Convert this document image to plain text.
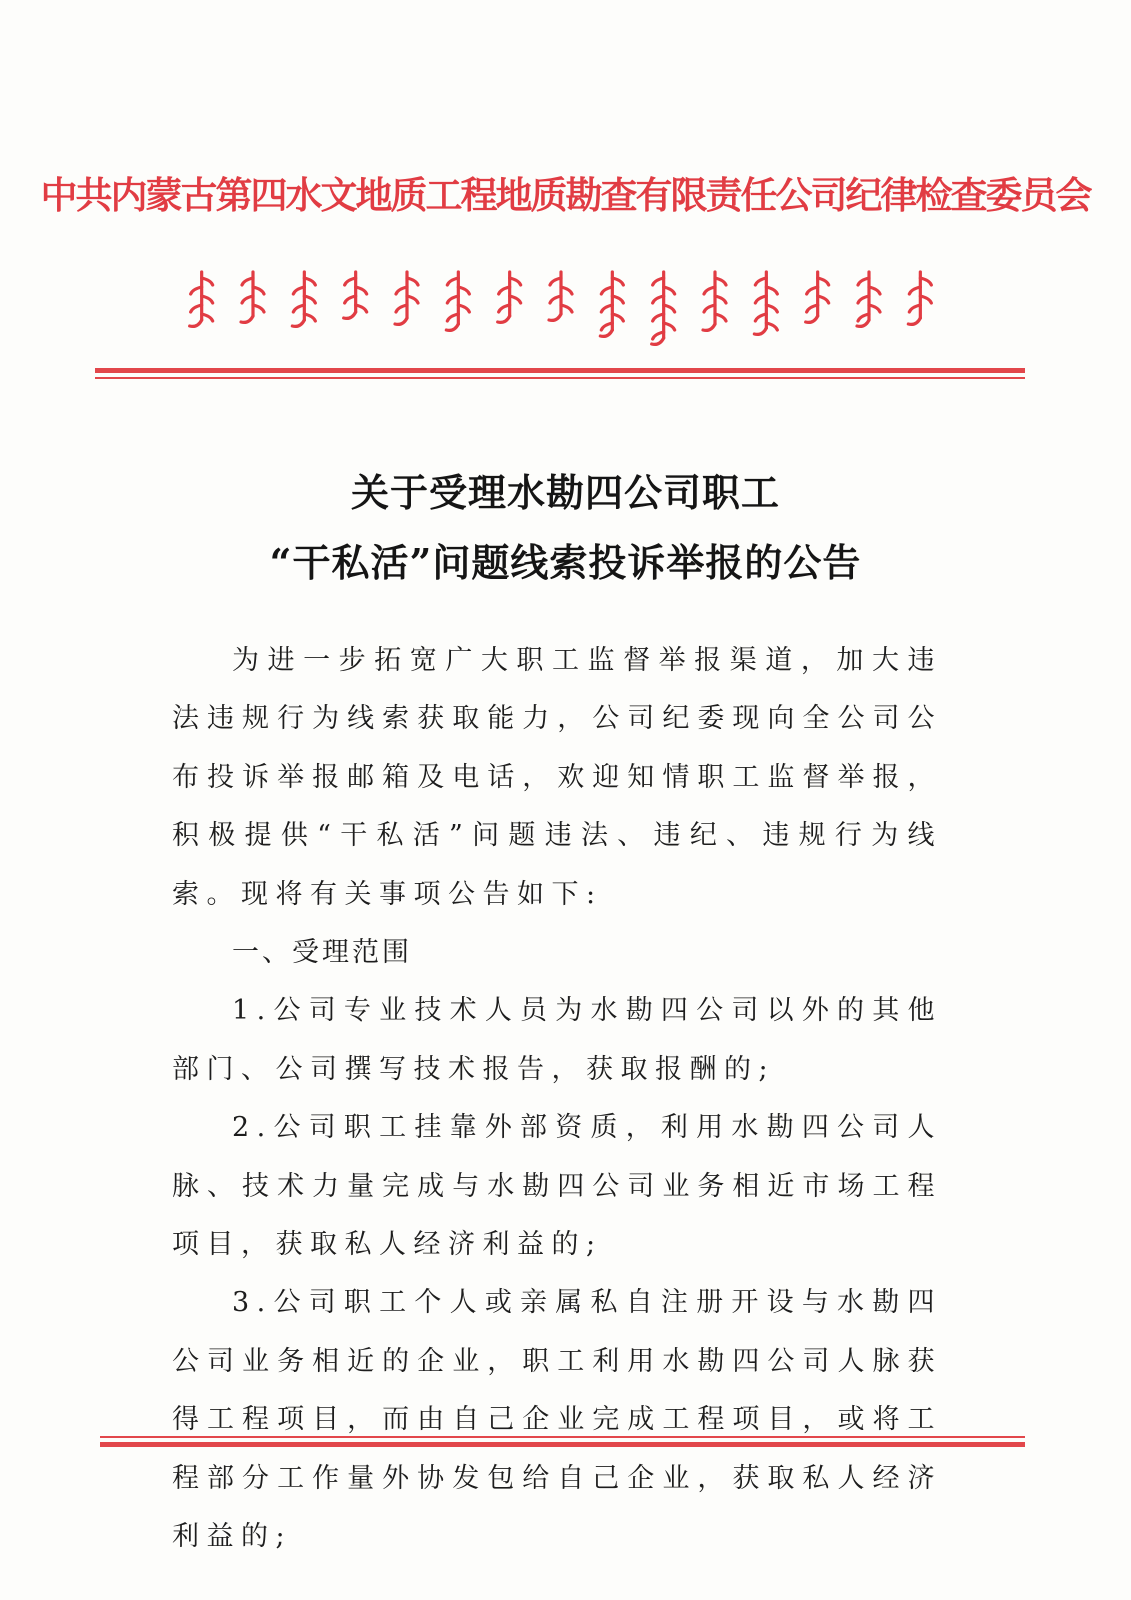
中共内蒙古第四水文地质工程地质勘查有限责任公司纪律检查委员会
关于受理水勘四公司职工
“干私活”问题线索投诉举报的公告

为进一步拓宽广大职工监督举报渠道，加大违法违规行为线索获取能力，公司纪委现向全公司公布投诉举报邮箱及电话，欢迎知情职工监督举报，积极提供“干私活”问题违法、违纪、违规行为线索。现将有关事项公告如下:

一、受理范围

1.公司专业技术人员为水勘四公司以外的其他部门、公司撰写技术报告，获取报酬的;

2.公司职工挂靠外部资质，利用水勘四公司人脉、技术力量完成与水勘四公司业务相近市场工程项目，获取私人经济利益的;

3.公司职工个人或亲属私自注册开设与水勘四公司业务相近的企业，职工利用水勘四公司人脉获得工程项目，而由自己企业完成工程项目，或将工程部分工作量外协发包给自己企业，获取私人经济利益的;
